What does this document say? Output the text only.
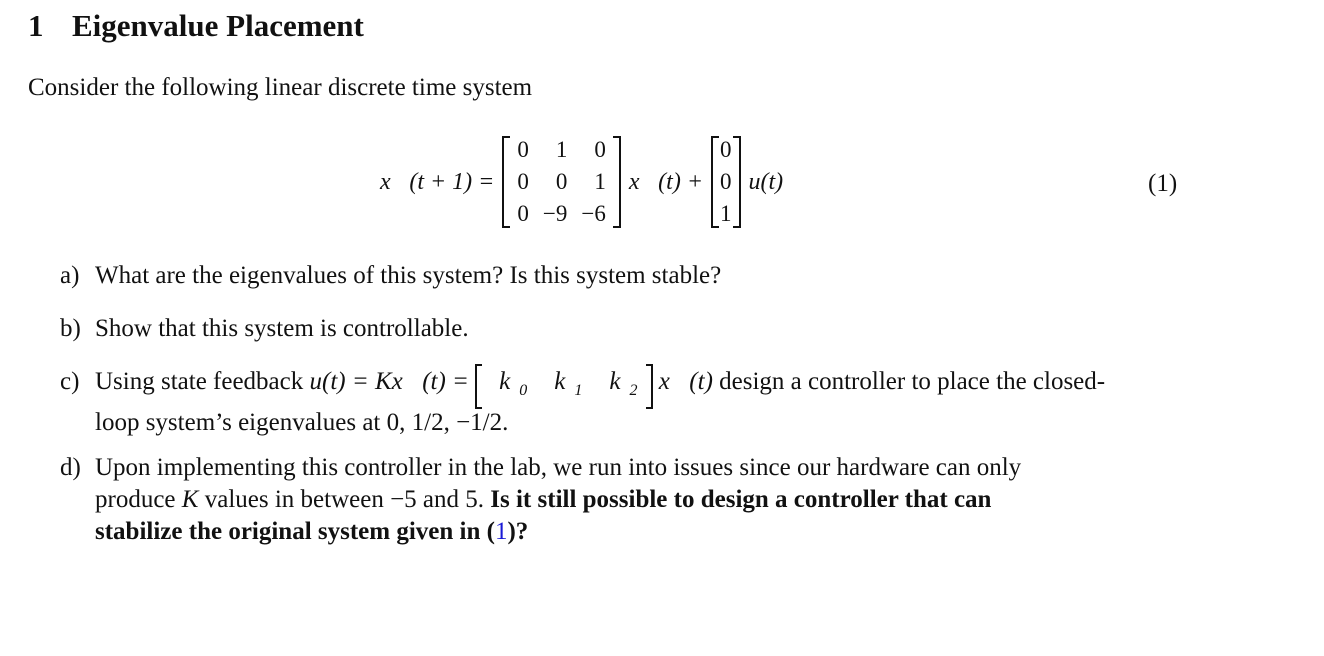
1 Eigenvalue Placement
Consider the following linear discrete time system
x⃗(t + 1) =
0	1	0
0	0	1
0	−9	−6
x⃗(t) +
0
0
1
u(t)	(1)
a) What are the eigenvalues of this system? Is this system stable?
b) Show that this system is controllable.
c) Using state feedback u(t) = Kx⃗(t) = k $_0$ k $_1$ k $_2$ x⃗(t) design a controller to place the closed-
loop system’s eigenvalues at 0, 1/2, −1/2.
d) Upon implementing this controller in the lab, we run into issues since our hardware can only
produce K values in between −5 and 5. Is it still possible to design a controller that can
stabilize the original system given in (1)?
